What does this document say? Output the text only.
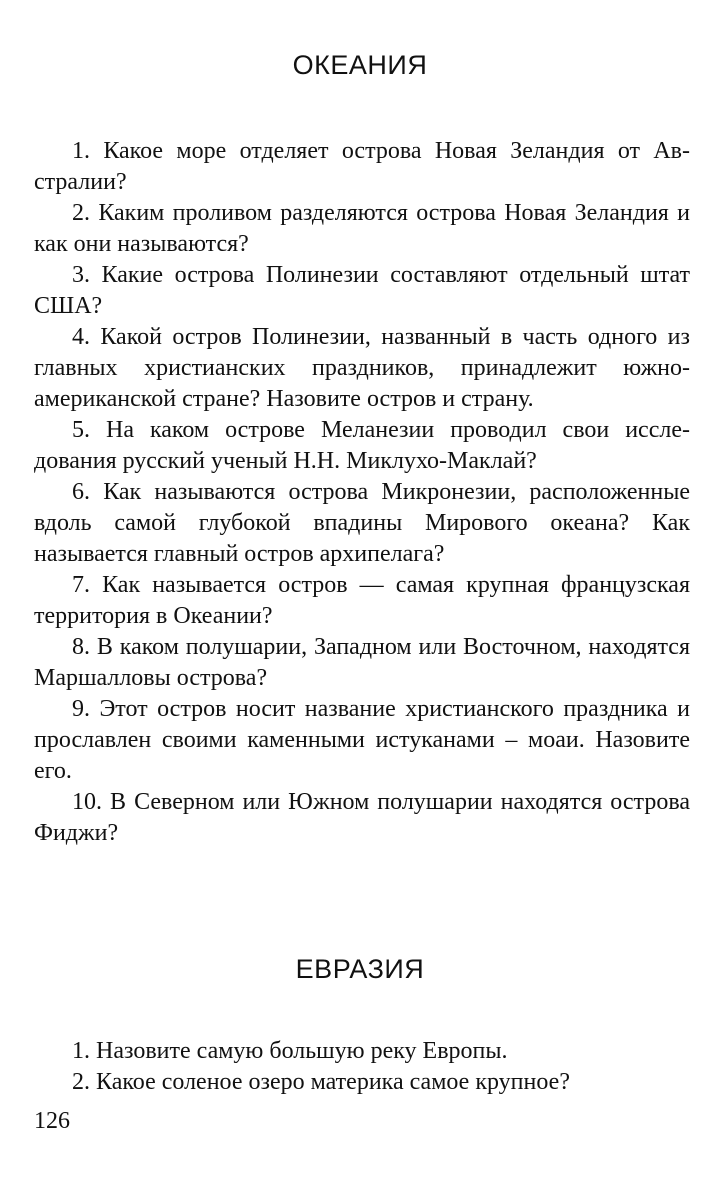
ОКЕАНИЯ

1. Какое море отделяет острова Новая Зеландия от Австралии?

2. Каким проливом разделяются острова Новая Зеландия и как они называются?

3. Какие острова Полинезии составляют отдельный штат США?

4. Какой остров Полинезии, названный в часть одного из главных христианских праздников, принадлежит южноамериканской стране? Назовите остров и страну.

5. На каком острове Меланезии проводил свои исследования русский ученый Н.Н. Миклухо-Маклай?

6. Как называются острова Микронезии, расположенные вдоль самой глубокой впадины Мирового океана? Как называется главный остров архипелага?

7. Как называется остров — самая крупная французская территория в Океании?

8. В каком полушарии, Западном или Восточном, находятся Маршалловы острова?

9. Этот остров носит название христианского праздника и прославлен своими каменными истуканами – моаи. Назовите его.

10. В Северном или Южном полушарии находятся острова Фиджи?

ЕВРАЗИЯ

1. Назовите самую большую реку Европы.

2. Какое соленое озеро материка самое крупное?

126
